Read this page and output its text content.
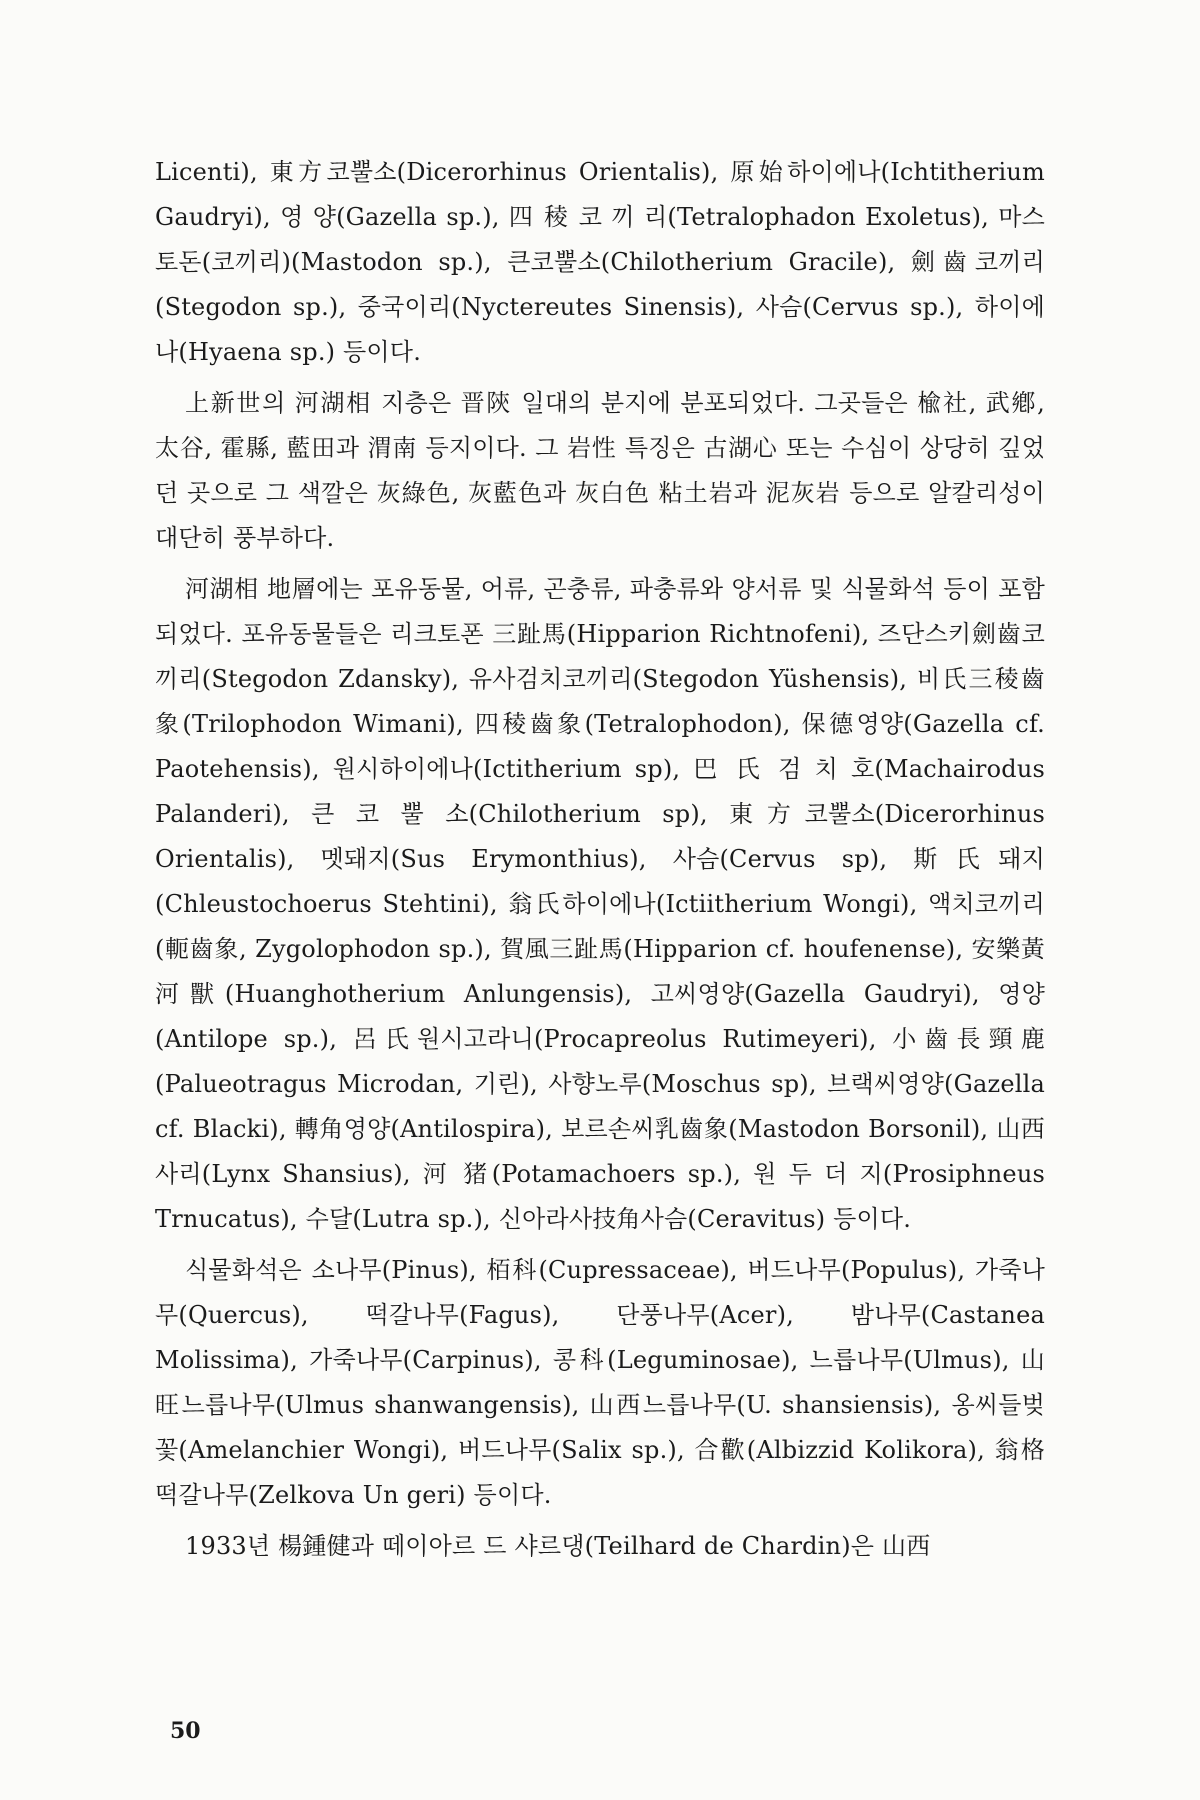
Licenti), 東方코뿔소(Dicerorhinus Orientalis), 原始하이에나(Ichtitherium Gaudryi), 영 양(Gazella sp.), 四 稜 코 끼 리(Tetralophadon Exoletus), 마스토돈(코끼리)(Mastodon sp.), 큰코뿔소(Chilotherium Gracile), 劍齒코끼리(Stegodon sp.), 중국이리(Nyctereutes Sinensis), 사슴(Cervus sp.), 하이에나(Hyaena sp.) 등이다.

上新世의 河湖相 지층은 晋陝 일대의 분지에 분포되었다. 그곳들은 楡社, 武鄕, 太谷, 霍縣, 藍田과 渭南 등지이다. 그 岩性 특징은 古湖心 또는 수심이 상당히 깊었던 곳으로 그 색깔은 灰綠色, 灰藍色과 灰白色 粘土岩과 泥灰岩 등으로 알칼리성이 대단히 풍부하다.

河湖相 地層에는 포유동물, 어류, 곤충류, 파충류와 양서류 및 식물화석 등이 포함되었다. 포유동물들은 리크토폰 三趾馬(Hipparion Richtnofeni), 즈단스키劍齒코끼리(Stegodon Zdansky), 유사검치코끼리(Stegodon Yüshensis), 비氏三稜齒象(Trilophodon Wimani), 四稜齒象(Tetralophodon), 保德영양(Gazella cf. Paotehensis), 원시하이에나(Ictitherium sp), 巴 氏 검 치 호(Machairodus Palanderi), 큰 코 뿔 소(Chilotherium sp), 東方코뿔소(Dicerorhinus Orientalis), 멧돼지(Sus Erymonthius), 사슴(Cervus sp), 斯氏돼지(Chleustochoerus Stehtini), 翁氏하이에나(Ictiitherium Wongi), 액치코끼리(軛齒象, Zygolophodon sp.), 賀風三趾馬(Hipparion cf. houfenense), 安樂黃河獸(Huanghotherium Anlungensis), 고씨영양(Gazella Gaudryi), 영양(Antilope sp.), 呂氏원시고라니(Procapreolus Rutimeyeri), 小齒長頸鹿(Palueotragus Microdan, 기린), 사향노루(Moschus sp), 브랙씨영양(Gazella cf. Blacki), 轉角영양(Antilospira), 보르손씨乳齒象(Mastodon Borsonil), 山西사리(Lynx Shansius), 河 猪(Potamachoers sp.), 원 두 더 지(Prosiphneus Trnucatus), 수달(Lutra sp.), 신아라사技角사슴(Ceravitus) 등이다.

식물화석은 소나무(Pinus), 栢科(Cupressaceae), 버드나무(Populus), 가죽나무(Quercus), 떡갈나무(Fagus), 단풍나무(Acer), 밤나무(Castanea Molissima), 가죽나무(Carpinus), 콩科(Leguminosae), 느릅나무(Ulmus), 山旺느릅나무(Ulmus shanwangensis), 山西느릅나무(U. shansiensis), 옹씨들벚꽃(Amelanchier Wongi), 버드나무(Salix sp.), 合歡(Albizzid Kolikora), 翁格떡갈나무(Zelkova Un geri) 등이다.

1933년 楊鍾健과 떼이아르 드 샤르댕(Teilhard de Chardin)은 山西

50
